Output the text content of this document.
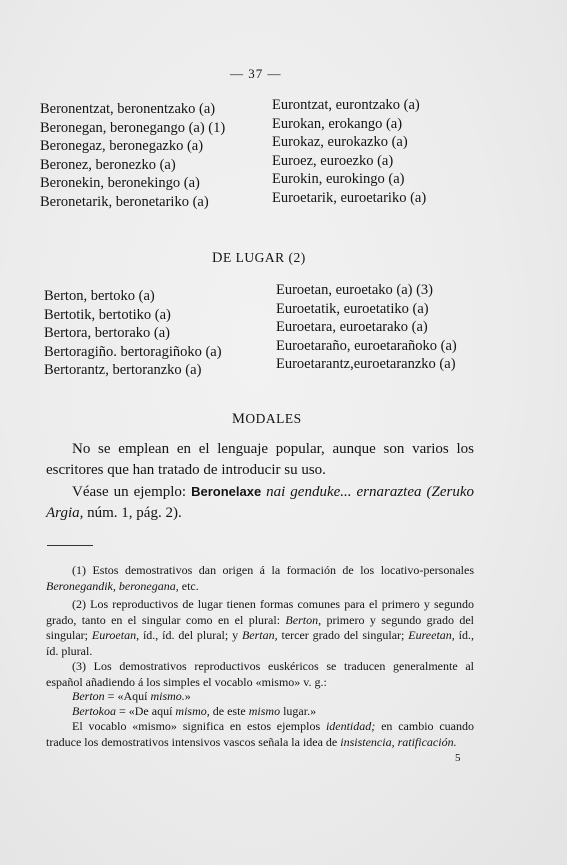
— 37 —
Beronentzat, beronentzako (a)
Beronegan, beronegango (a) (1)
Beronegaz, beronegazko (a)
Beronez, beronezko (a)
Beronekin, beronekingo (a)
Beronetarik, beronetariko (a)
Eurontzat, eurontzako (a)
Eurokan, erokango (a)
Eurokaz, eurokazko (a)
Euroez, euroezko (a)
Eurokin, eurokingo (a)
Euroetarik, euroetariko (a)
DE LUGAR (2)
Berton, bertoko (a)
Bertotik, bertotiko (a)
Bertora, bertorako (a)
Bertoragiño. bertoragiñoko (a)
Bertorantz, bertoranzko (a)
Euroetan, euroetako (a) (3)
Euroetatik, euroetatiko (a)
Euroetara, euroetarako (a)
Euroetaraño, euroetarañoko (a)
Euroetarantz,euroetaranzko (a)
MODALES
No se emplean en el lenguaje popular, aunque son varios los escritores que han tratado de introducir su uso.
Véase un ejemplo: Beronelaxe nai genduke... ernarazteа (Zeruko Argia, núm. 1, pág. 2).
(1) Estos demostrativos dan origen á la formación de los locativo-personales Beronegandik, beronegana, etc.
(2) Los reproductivos de lugar tienen formas comunes para el primero y segundo grado, tanto en el singular como en el plural: Berton, primero y segundo grado del singular; Euroetan, íd., íd. del plural; y Bertan, tercer grado del singular; Eureetan, íd., íd. plural.
(3) Los demostrativos reproductivos euskéricos se traducen generalmente al español añadiendo á los simples el vocablo «mismo» v. g.:
Berton = «Aquí mismo.»
Bertokoa = «De aquí mismo, de este mismo lugar.»
El vocablo «mismo» significa en estos ejemplos identidad; en cambio cuando traduce los demostrativos intensivos vascos señala la idea de insistencia, ratificación.
5
